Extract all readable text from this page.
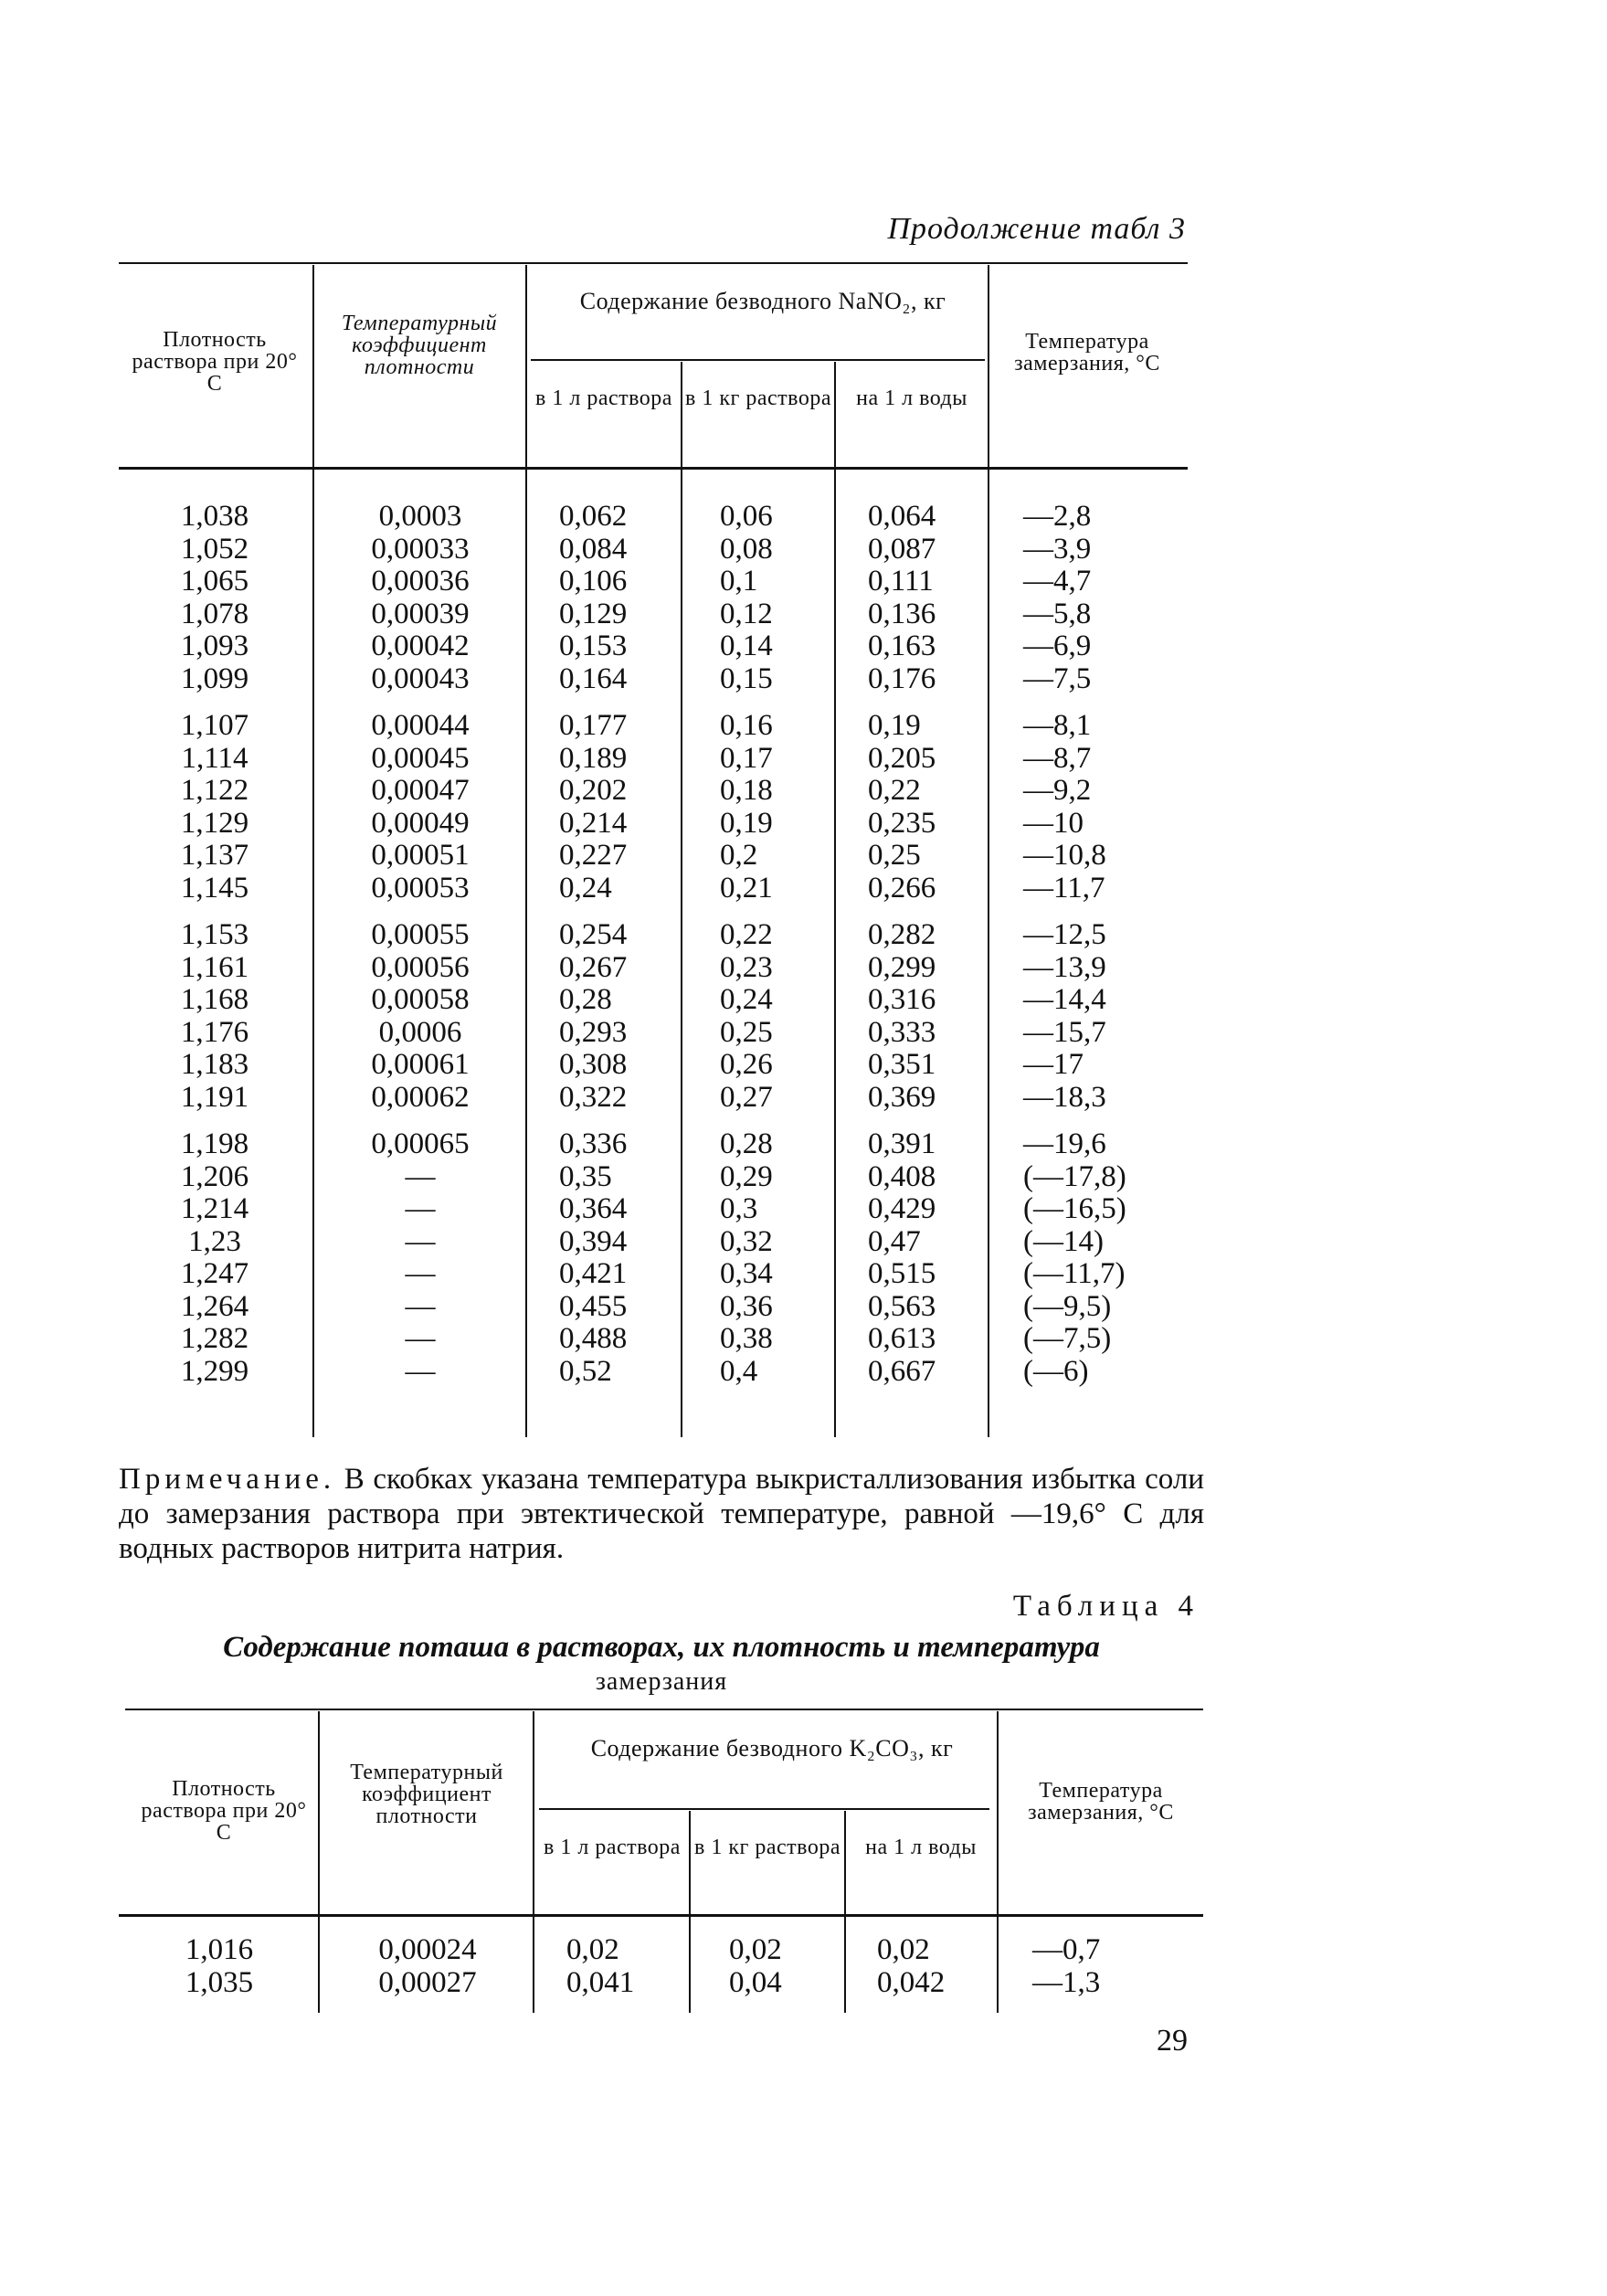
Продолжение табл 3
Плотность раствора при 20° С
Температурный коэффициент плотности
Содержание безводного NaNO₂, кг
в 1 л раствора в 1 кг раствора	на 1 л воды
Температура замерзания, °С
1,038
1,052
1,065
1,078
1,093
1,099
1,107
1,114
1,122
1,129
1,137
1,145
1,153
1,161
1,168
1,176
1,183
1,191
1,198
1,206
1,214
1,23
1,247
1,264
1,282
1,299
0,0003
0,00033
0,00036
0,00039
0,00042
0,00043
0,00044
0,00045
0,00047
0,00049
0,00051
0,00053
0,00055
0,00056
0,00058
0,0006
0,00061
0,00062
0,00065
—
—
—
—
—
—
—
0,062
0,084
0,106
0,129
0,153
0,164
0,177
0,189
0,202
0,214
0,227
0,24
0,254
0,267
0,28
0,293
0,308
0,322
0,336
0,35
0,364
0,394
0,421
0,455
0,488
0,52
0,06
0,08
0,1
0,12
0,14
0,15
0,16
0,17
0,18
0,19
0,2
0,21
0,22
0,23
0,24
0,25
0,26
0,27
0,28
0,29
0,3
0,32
0,34
0,36
0,38
0,4
0,064
0,087
0,111
0,136
0,163
0,176
0,19
0,205
0,22
0,235
0,25
0,266
0,282
0,299
0,316
0,333
0,351
0,369
0,391
0,408
0,429
0,47
0,515
0,563
0,613
0,667
—2,8
—3,9
—4,7
—5,8
—6,9
—7,5
—8,1
—8,7
—9,2
—10
—10,8
—11,7
—12,5
—13,9
—14,4
—15,7
—17
—18,3
—19,6
(—17,8)
(—16,5)
(—14)
(—11,7)
(—9,5)
(—7,5)
(—6)
Примечание. В скобках указана температура выкристаллизования избытка соли до замерзания раствора при эвтектической температуре, равной —19,6° С для водных растворов нитрита натрия.
Таблица 4
Содержание поташа в растворах, их плотность и температура
замерзания
Плотность раствора при 20° С
Температурный коэффициент плотности
Содержание безводного K₂CO₃, кг
в 1 л раствора в 1 кг раствора	на 1 л воды
Температура замерзания, °С
1,016
1,035
0,00024
0,00027
0,02
0,041
0,02
0,04
0,02
0,042
—0,7
—1,3
29
